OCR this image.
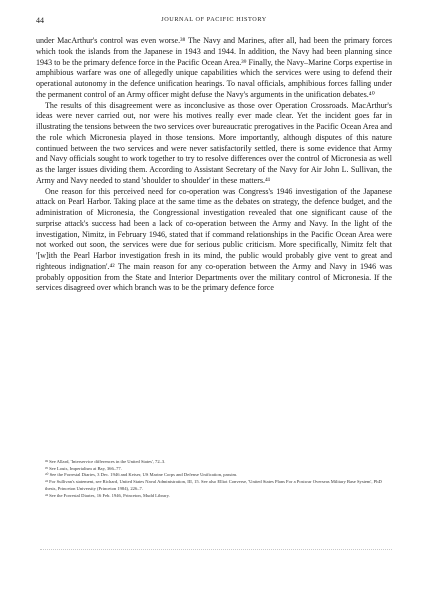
44	JOURNAL OF PACIFIC HISTORY

under MacArthur's control was even worse.³⁸ The Navy and Marines, after all, had been the primary forces which took the islands from the Japanese in 1943 and 1944. In addition, the Navy had been planning since 1943 to be the primary defence force in the Pacific Ocean Area.³⁹ Finally, the Navy–Marine Corps expertise in amphibious warfare was one of allegedly unique capabilities which the services were using to defend their operational autonomy in the defence unification hearings. To naval officials, amphibious forces falling under the permanent control of an Army officer might defuse the Navy's arguments in the unification debates.⁴⁰

The results of this disagreement were as inconclusive as those over Operation Crossroads. MacArthur's ideas were never carried out, nor were his motives really ever made clear. Yet the incident goes far in illustrating the tensions between the two services over bureaucratic prerogatives in the Pacific Ocean Area and the role which Micronesia played in those tensions. More importantly, although disputes of this nature continued between the two services and were never satisfactorily settled, there is some evidence that Army and Navy officials sought to work together to try to resolve differences over the control of Micronesia as well as the larger issues dividing them. According to Assistant Secretary of the Navy for Air John L. Sullivan, the Army and Navy needed to stand 'shoulder to shoulder' in these matters.⁴¹

One reason for this perceived need for co-operation was Congress's 1946 investigation of the Japanese attack on Pearl Harbor. Taking place at the same time as the debates on strategy, the defence budget, and the administration of Micronesia, the Congressional investigation revealed that one significant cause of the surprise attack's success had been a lack of co-operation between the Army and Navy. In the light of the investigation, Nimitz, in February 1946, stated that if command relationships in the Pacific Ocean Area were not worked out soon, the services were due for serious public criticism. More specifically, Nimitz felt that '[w]ith the Pearl Harbor investigation fresh in its mind, the public would probably give vent to great and righteous indignation'.⁴² The main reason for any co-operation between the Army and Navy in 1946 was probably opposition from the State and Interior Departments over the military control of Micronesia. If the services disagreed over which branch was to be the primary defence force

³⁸ See Allard, 'Interservice differences in the United States', 72–3.

³⁹ See Louis, Imperialism at Bay, 366–77.

⁴⁰ See the Forrestal Diaries, 3 Dec. 1946 and Keiser, US Marine Corps and Defense Unification, passim.

⁴¹ For Sullivan's statement, see Richard, United States Naval Administration, III, 15. See also Elliot Converse, 'United States Plans For a Postwar Overseas Military Base System', PhD thesis, Princeton University (Princeton 1984), 226–7.

⁴² See the Forrestal Diaries, 16 Feb. 1946, Princeton, Mudd Library.
